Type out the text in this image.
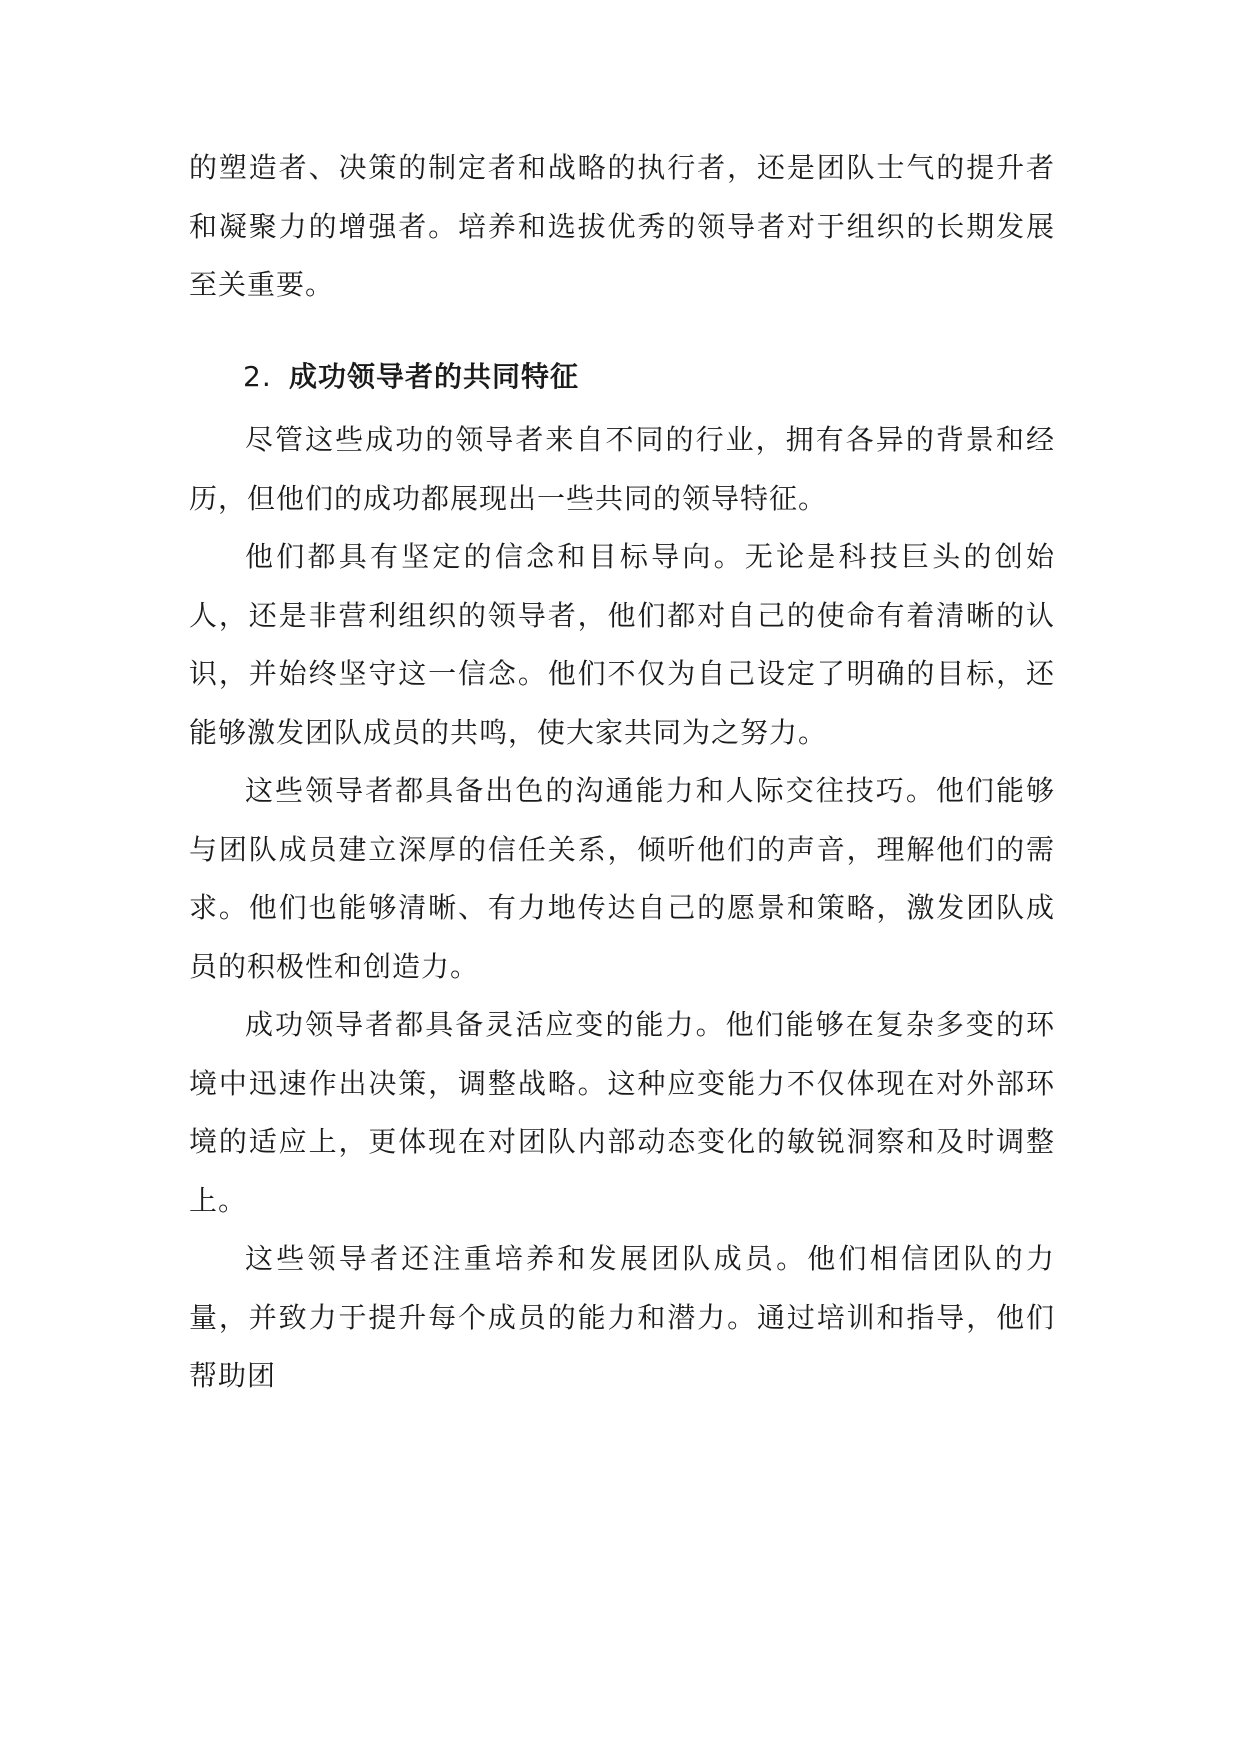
的塑造者、决策的制定者和战略的执行者，还是团队士气的提升者和凝聚力的增强者。培养和选拔优秀的领导者对于组织的长期发展至关重要。

2. 成功领导者的共同特征

尽管这些成功的领导者来自不同的行业，拥有各异的背景和经历，但他们的成功都展现出一些共同的领导特征。

他们都具有坚定的信念和目标导向。无论是科技巨头的创始人，还是非营利组织的领导者，他们都对自己的使命有着清晰的认识，并始终坚守这一信念。他们不仅为自己设定了明确的目标，还能够激发团队成员的共鸣，使大家共同为之努力。

这些领导者都具备出色的沟通能力和人际交往技巧。他们能够与团队成员建立深厚的信任关系，倾听他们的声音，理解他们的需求。他们也能够清晰、有力地传达自己的愿景和策略，激发团队成员的积极性和创造力。

成功领导者都具备灵活应变的能力。他们能够在复杂多变的环境中迅速作出决策，调整战略。这种应变能力不仅体现在对外部环境的适应上，更体现在对团队内部动态变化的敏锐洞察和及时调整上。

这些领导者还注重培养和发展团队成员。他们相信团队的力量，并致力于提升每个成员的能力和潜力。通过培训和指导，他们帮助团
